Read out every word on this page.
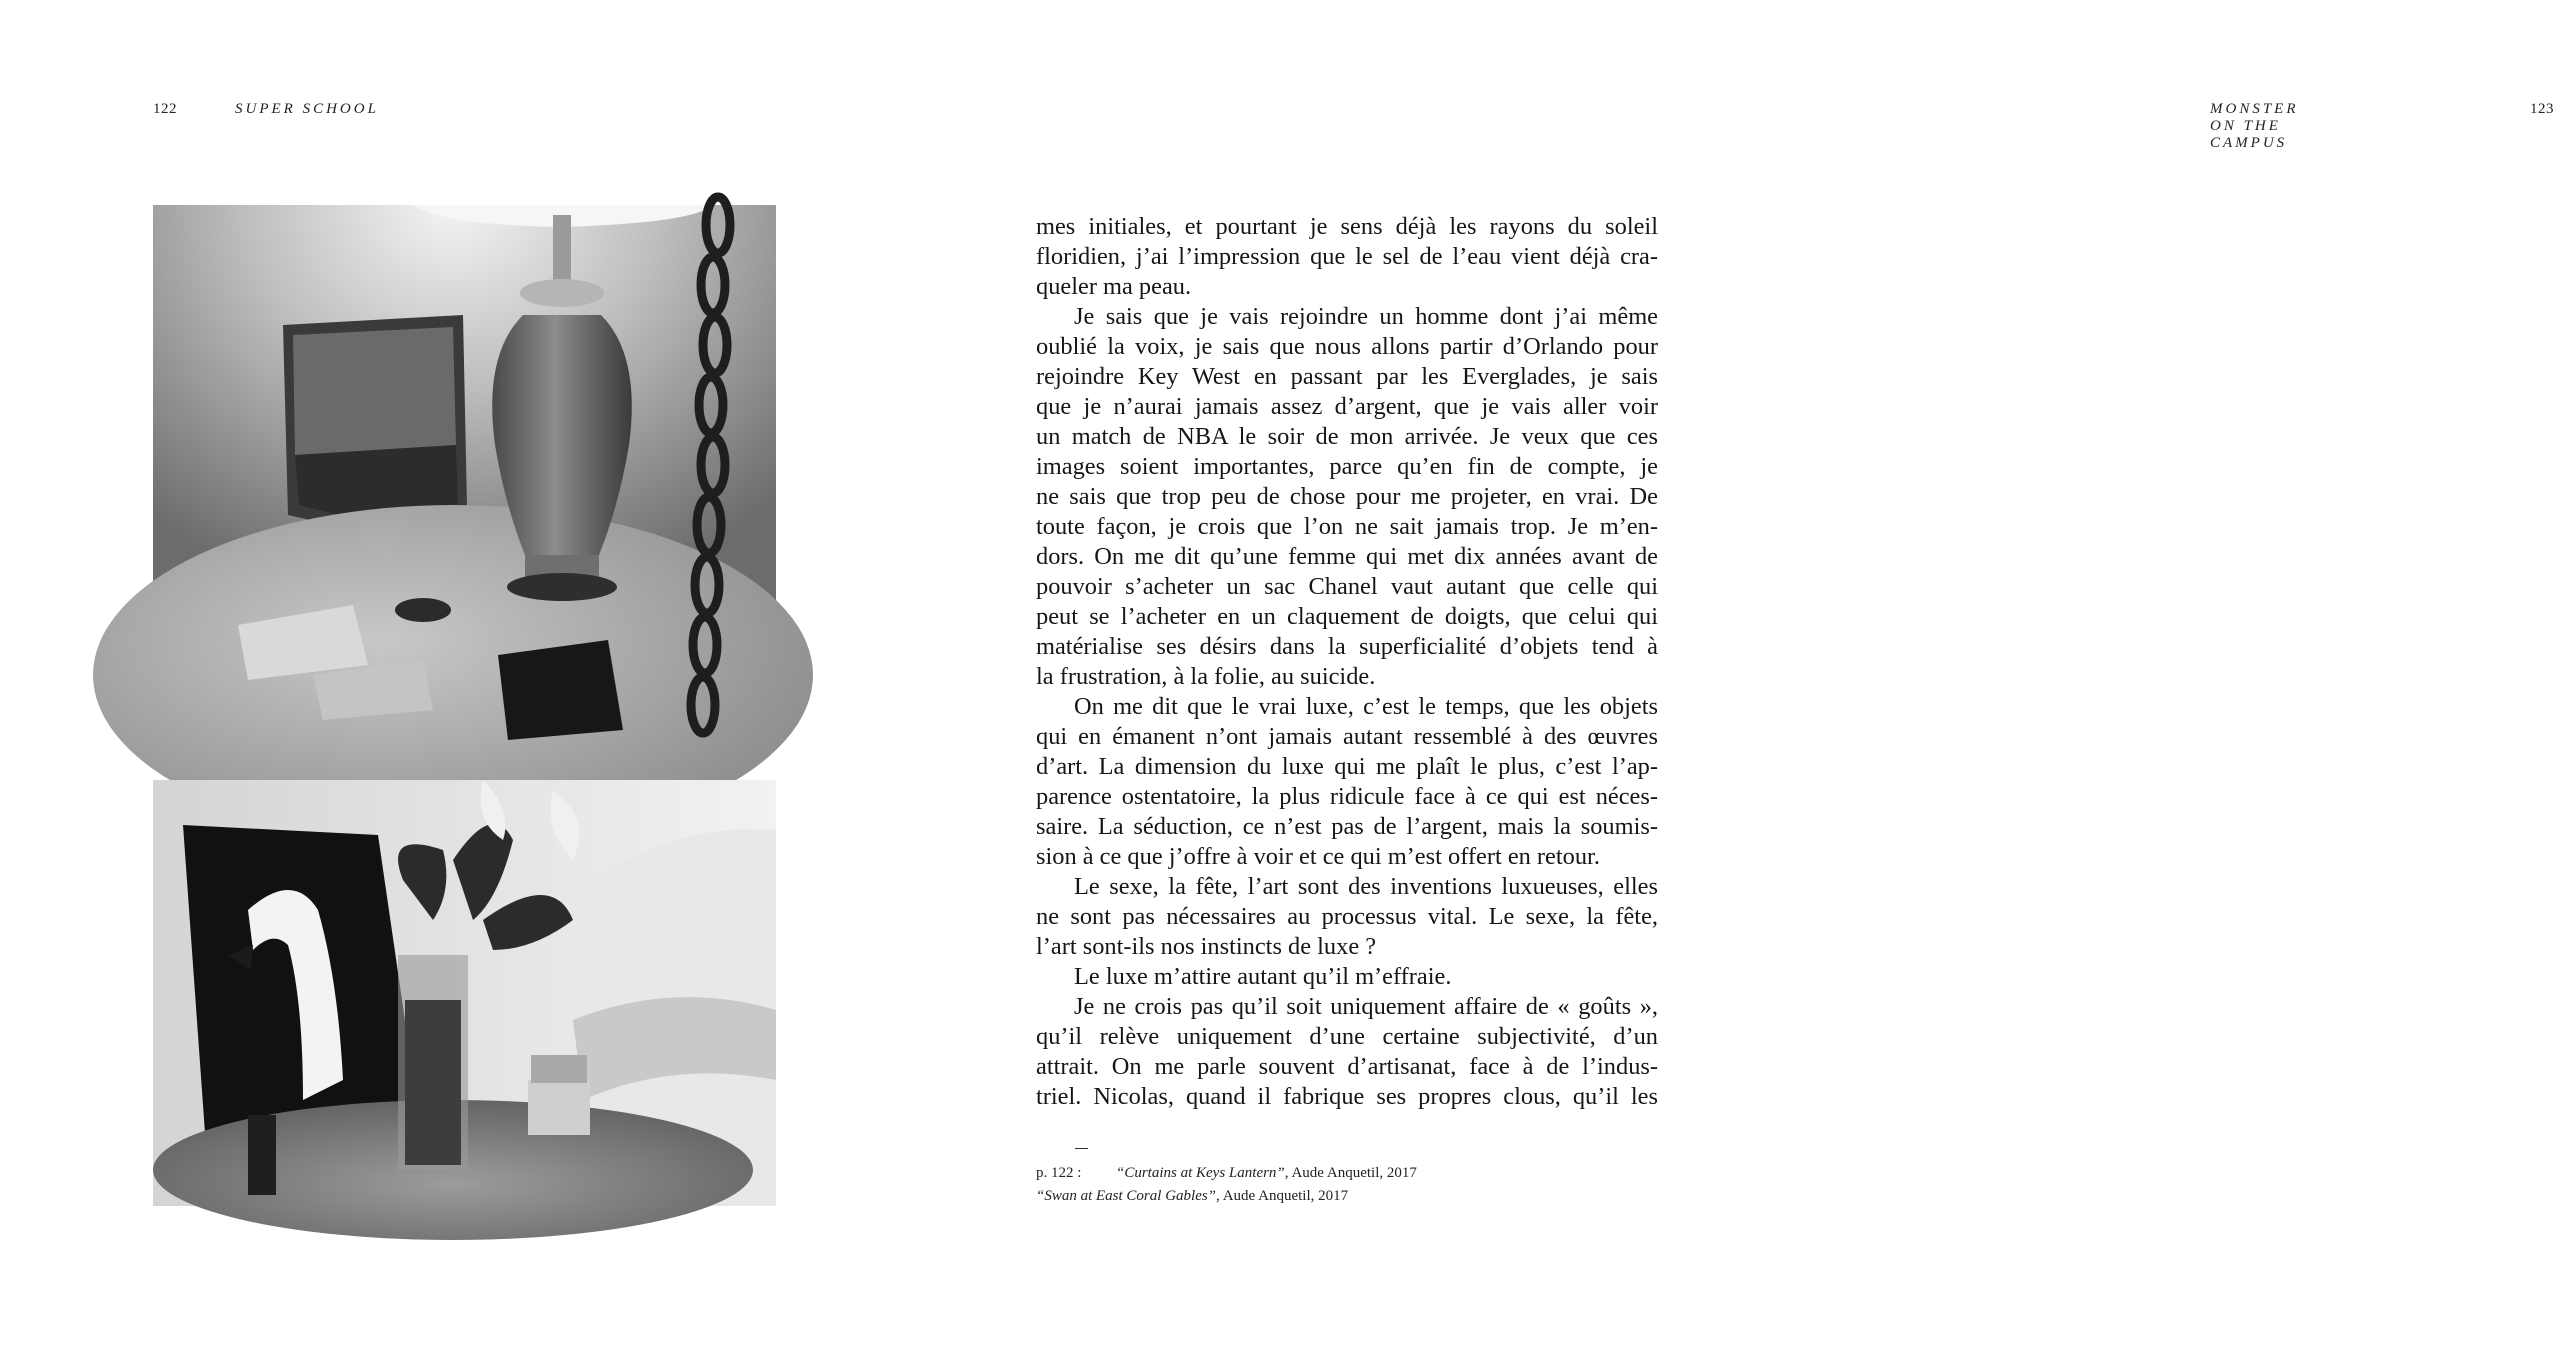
122	SUPER SCHOOL	MONSTER ON THE CAMPUS
123
mes initiales, et pourtant je sens déjà les rayons du soleil
floridien, j’ai l’impression que le sel de l’eau vient déjà cra-
queler ma peau.
Je sais que je vais rejoindre un homme dont j’ai même
oublié la voix, je sais que nous allons partir d’Orlando pour
rejoindre Key West en passant par les Everglades, je sais
que je n’aurai jamais assez d’argent, que je vais aller voir
un match de NBA le soir de mon arrivée. Je veux que ces
images soient importantes, parce qu’en fin de compte, je
ne sais que trop peu de chose pour me projeter, en vrai. De
toute façon, je crois que l’on ne sait jamais trop. Je m’en-
dors. On me dit qu’une femme qui met dix années avant de
pouvoir s’acheter un sac Chanel vaut autant que celle qui
peut se l’acheter en un claquement de doigts, que celui qui
matérialise ses désirs dans la superficialité d’objets tend à
la frustration, à la folie, au suicide.
On me dit que le vrai luxe, c’est le temps, que les objets
qui en émanent n’ont jamais autant ressemblé à des œuvres
d’art. La dimension du luxe qui me plaît le plus, c’est l’ap-
parence ostentatoire, la plus ridicule face à ce qui est néces-
saire. La séduction, ce n’est pas de l’argent, mais la soumis-
sion à ce que j’offre à voir et ce qui m’est offert en retour.
Le sexe, la fête, l’art sont des inventions luxueuses, elles
ne sont pas nécessaires au processus vital. Le sexe, la fête,
l’art sont-ils nos instincts de luxe ?
Le luxe m’attire autant qu’il m’effraie.
Je ne crois pas qu’il soit uniquement affaire de « goûts »,
qu’il relève uniquement d’une certaine subjectivité, d’un
attrait. On me parle souvent d’artisanat, face à de l’indus-
triel. Nicolas, quand il fabrique ses propres clous, qu’il les
p. 122 : “Curtains at Keys Lantern”, Aude Anquetil, 2017
“Swan at East Coral Gables”, Aude Anquetil, 2017
